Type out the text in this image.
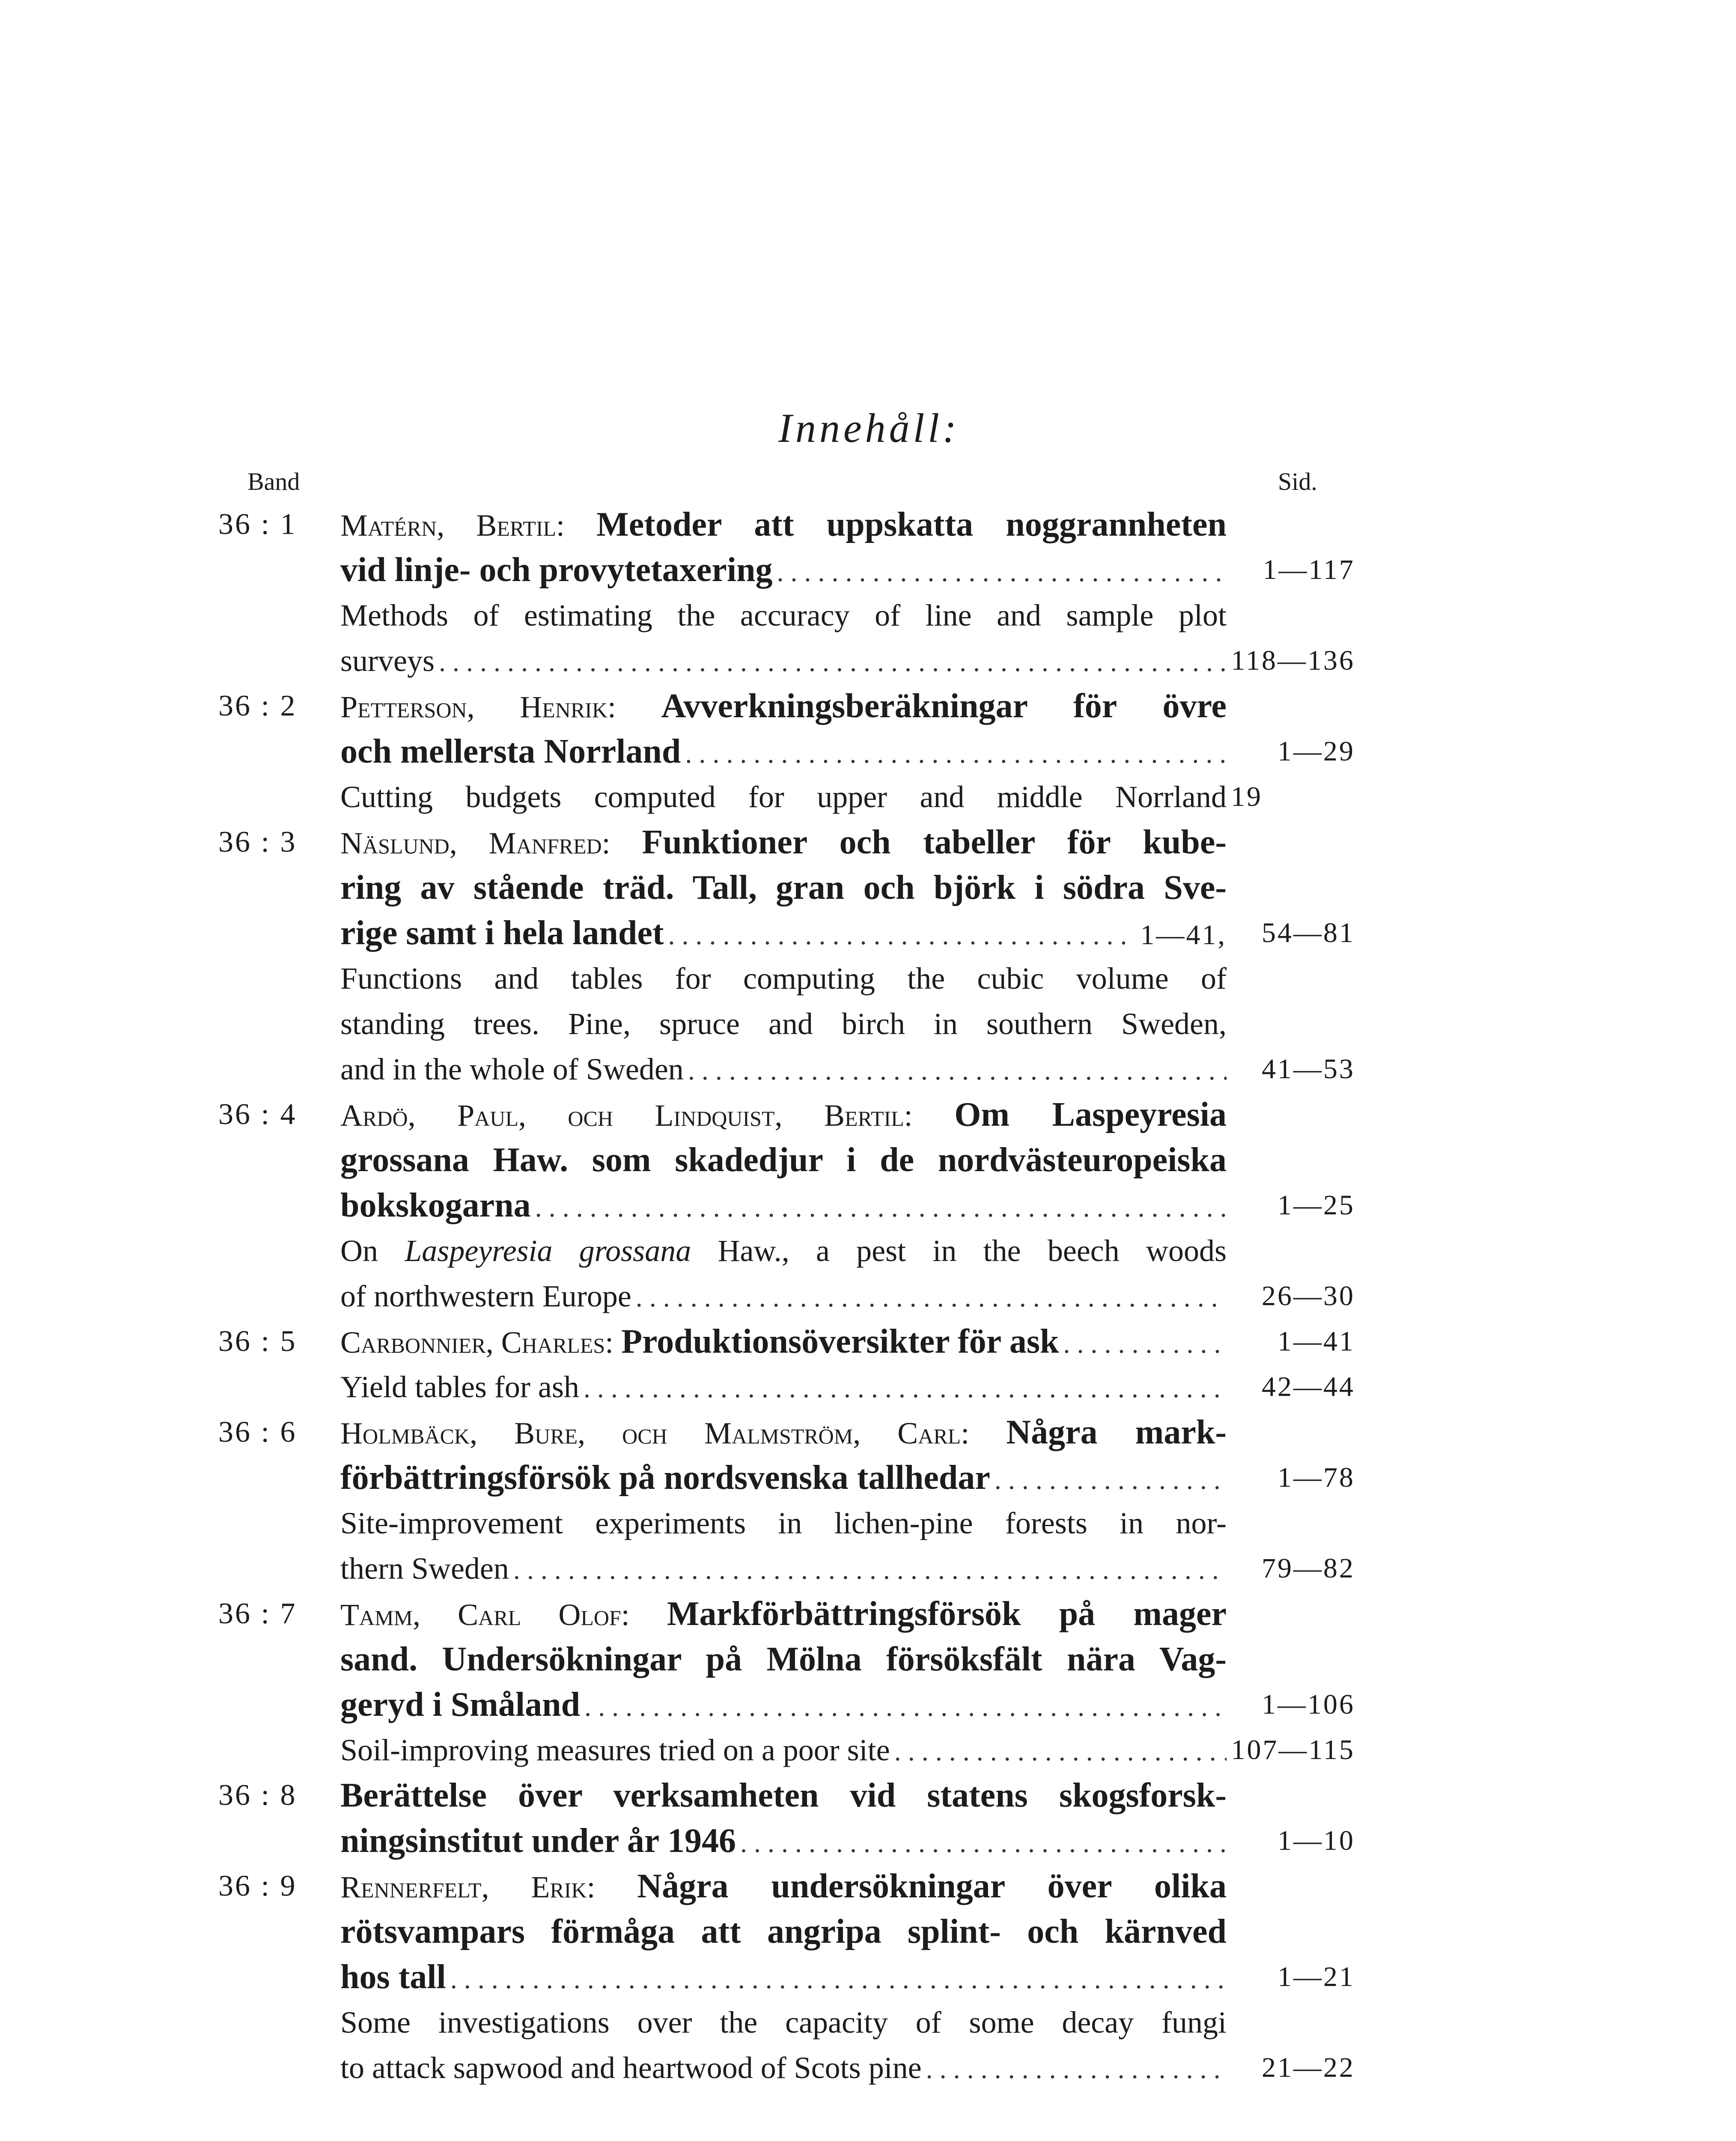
Innehåll:
Band	Sid.
36 : 1 Matérn, Bertil: Metoder att uppskatta noggrannheten
vid linje- och provytetaxering . . .	1—117
Methods of estimating the accuracy of line and sample plot
surveys . . .	118—136
36 : 2 Petterson, Henrik: Avverkningsberäkningar för övre
och mellersta Norrland . . .	1—29
Cutting budgets computed for upper and middle Norrland 19
36 : 3 Näslund, Manfred: Funktioner och tabeller för kube-
ring av stående träd. Tall, gran och björk i södra Sve-
rige samt i hela landet . . .	1—41,	54—81
Functions and tables for computing the cubic volume of
standing trees. Pine, spruce and birch in southern Sweden,
and in the whole of Sweden . . .	41—53
36 : 4 Ardö, Paul, och Lindquist, Bertil: Om Laspeyresia
grossana Haw. som skadedjur i de nordvästeuropeiska
bokskogarna . . .	1—25
On Laspeyresia grossana Haw., a pest in the beech woods
of northwestern Europe . . .	26—30
36 : 5 Carbonnier, Charles: Produktionsöversikter för ask . . .	1—41
Yield tables for ash . . .	42—44
36 : 6 Holmbäck, Bure, och Malmström, Carl: Några mark-
förbättringsförsök på nordsvenska tallhedar . . .	1—78
Site-improvement experiments in lichen-pine forests in nor-
thern Sweden . . .	79—82
36 : 7 Tamm, Carl Olof: Markförbättringsförsök på mager
sand. Undersökningar på Mölna försöksfält nära Vag-
geryd i Småland . . .	1—106
Soil-improving measures tried on a poor site . . .	107—115
36 : 8 Berättelse över verksamheten vid statens skogsforsk-
ningsinstitut under år 1946 . . .	1—10
36 : 9 Rennerfelt, Erik: Några undersökningar över olika
rötsvampars förmåga att angripa splint- och kärnved
hos tall . . .	1—21
Some investigations over the capacity of some decay fungi
to attack sapwood and heartwood of Scots pine . . .	21—22
